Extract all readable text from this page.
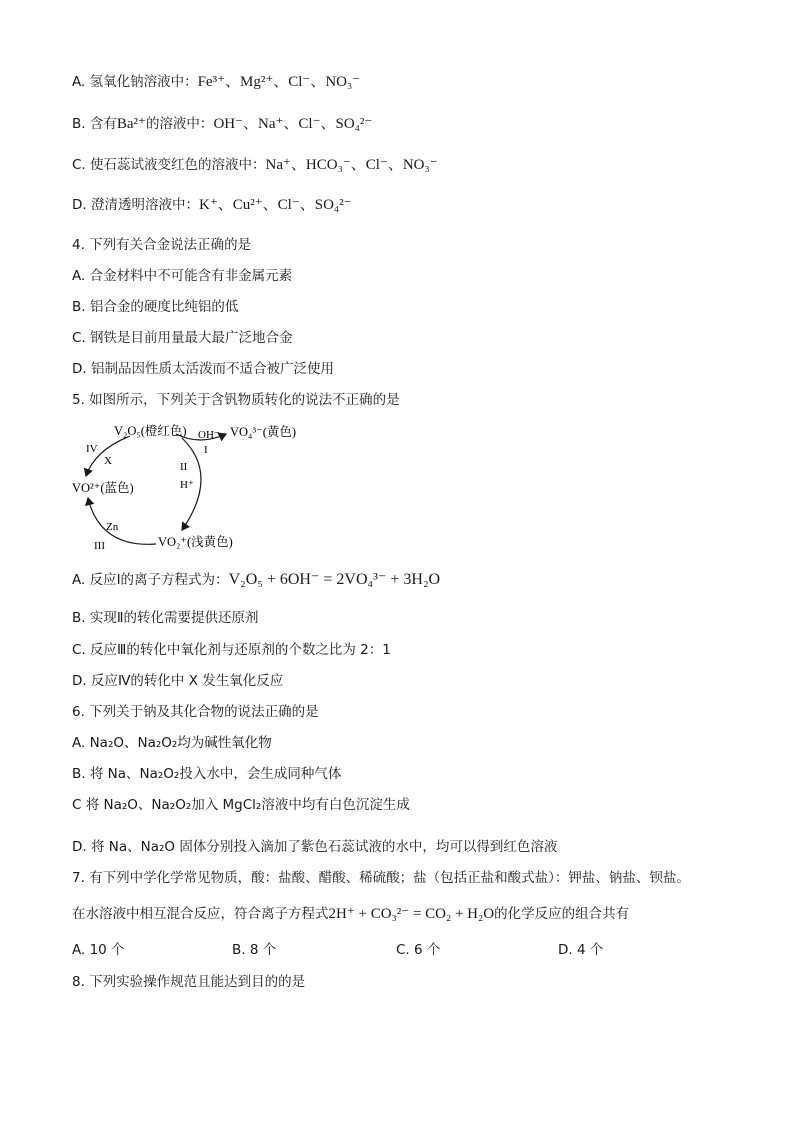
A. 氢氧化钠溶液中：Fe³⁺、Mg²⁺、Cl⁻、NO₃⁻
B. 含有Ba²⁺的溶液中：OH⁻、Na⁺、Cl⁻、SO₄²⁻
C. 使石蕊试液变红色的溶液中：Na⁺、HCO₃⁻、Cl⁻、NO₃⁻
D. 澄清透明溶液中：K⁺、Cu²⁺、Cl⁻、SO₄²⁻
4. 下列有关合金说法正确的是
A. 合金材料中不可能含有非金属元素
B. 铝合金的硬度比纯铝的低
C. 钢铁是目前用量最大最广泛地合金
D. 铝制品因性质太活泼而不适合被广泛使用
5. 如图所示，下列关于含钒物质转化的说法不正确的是
V₂O₅(橙红色)	VO₄³⁻(黄色)
VO²⁺(蓝色)
VO₂⁺(浅黄色)
OH⁻
I
II
H⁺
III
Zn
IV
X
A. 反应Ⅰ的离子方程式为：V₂O₅ + 6OH⁻ = 2VO₄³⁻ + 3H₂O
B. 实现Ⅱ的转化需要提供还原剂
C. 反应Ⅲ的转化中氧化剂与还原剂的个数之比为 2：1
D. 反应Ⅳ的转化中 X 发生氧化反应
6. 下列关于钠及其化合物的说法正确的是
A. Na₂O、Na₂O₂均为碱性氧化物
B. 将 Na、Na₂O₂投入水中，会生成同种气体
C 将 Na₂O、Na₂O₂加入 MgCl₂溶液中均有白色沉淀生成
D. 将 Na、Na₂O 固体分别投入滴加了紫色石蕊试液的水中，均可以得到红色溶液
7. 有下列中学化学常见物质，酸：盐酸、醋酸、稀硫酸；盐（包括正盐和酸式盐）：钾盐、钠盐、钡盐。
在水溶液中相互混合反应，符合离子方程式2H⁺ + CO₃²⁻ = CO₂ + H₂O的化学反应的组合共有
A. 10 个	B. 8 个	C. 6 个	D. 4 个
8. 下列实验操作规范且能达到目的的是
